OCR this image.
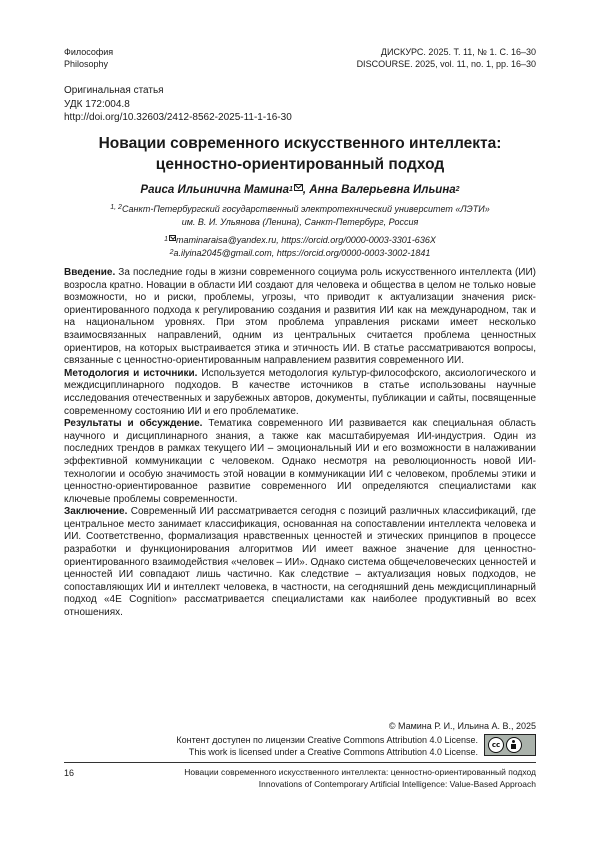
Философия
Philosophy
ДИСКУРС. 2025. Т. 11, № 1. С. 16–30
DISCOURSE. 2025, vol. 11, no. 1, pp. 16–30
Оригинальная статья
УДК 172:004.8
http://doi.org/10.32603/2412-8562-2025-11-1-16-30
Новации современного искусственного интеллекта:
ценностно-ориентированный подход
Раиса Ильинична Мамина$^1$ , Анна Валерьевна Ильина$^2$
$^{1, 2}$Санкт-Петербургский государственный электротехнический университет «ЛЭТИ»
им. В. И. Ульянова (Ленина), Санкт-Петербург, Россия
$^1$ maminaraisa@yandex.ru, https://orcid.org/0000-0003-3301-636X
$^2$a.ilyina2045@gmail.com, https://orcid.org/0000-0003-3002-1841

Введение. За последние годы в жизни современного социума роль искусственного интеллекта (ИИ) возросла кратно. Новации в области ИИ создают для человека и общества в целом не только новые возможности, но и риски, проблемы, угрозы, что приводит к актуализации значения риск-ориентированного подхода к регулированию создания и развития ИИ как на международном, так и на национальном уровнях. При этом проблема управления рисками имеет несколько взаимосвязанных направлений, одним из центральных считается проблема ценностных ориентиров, на которых выстраивается этика и этичность ИИ. В статье рассматриваются вопросы, связанные с ценностно-ориентированным направлением развития современного ИИ.

Методология и источники. Используется методология культур-философского, аксиологического и междисциплинарного подходов. В качестве источников в статье использованы научные исследования отечественных и зарубежных авторов, документы, публикации и сайты, посвященные современному состоянию ИИ и его проблематике.

Результаты и обсуждение. Тематика современного ИИ развивается как специальная область научного и дисциплинарного знания, а также как масштабируемая ИИ-индустрия. Один из последних трендов в рамках текущего ИИ – эмоциональный ИИ и его возможности в налаживании эффективной коммуникации с человеком. Однако несмотря на революционность новой ИИ-технологии и особую значимость этой новации в коммуникации ИИ с человеком, проблемы этики и ценностно-ориентированное развитие современного ИИ определяются специалистами как ключевые проблемы современности.

Заключение. Современный ИИ рассматривается сегодня с позиций различных классификаций, где центральное место занимает классификация, основанная на сопоставлении интеллекта человека и ИИ. Соответственно, формализация нравственных ценностей и этических принципов в процессе разработки и функционирования алгоритмов ИИ имеет важное значение для ценностно-ориентированного взаимодействия «человек – ИИ». Однако система общечеловеческих ценностей и ценностей ИИ совпадают лишь частично. Как следствие – актуализация новых подходов, не сопоставляющих ИИ и интеллект человека, в частности, на сегодняшний день междисциплинарный подход «4E Cognition» рассматривается специалистами как наиболее продуктивный во всех отношениях.

© Мамина Р. И., Ильина А. В., 2025
Контент доступен по лицензии Creative Commons Attribution 4.0 License.
This work is licensed under a Creative Commons Attribution 4.0 License.
cc
16	Новации современного искусственного интеллекта: ценностно-ориентированный подход
Innovations of Contemporary Artificial Intelligence: Value-Based Approach
